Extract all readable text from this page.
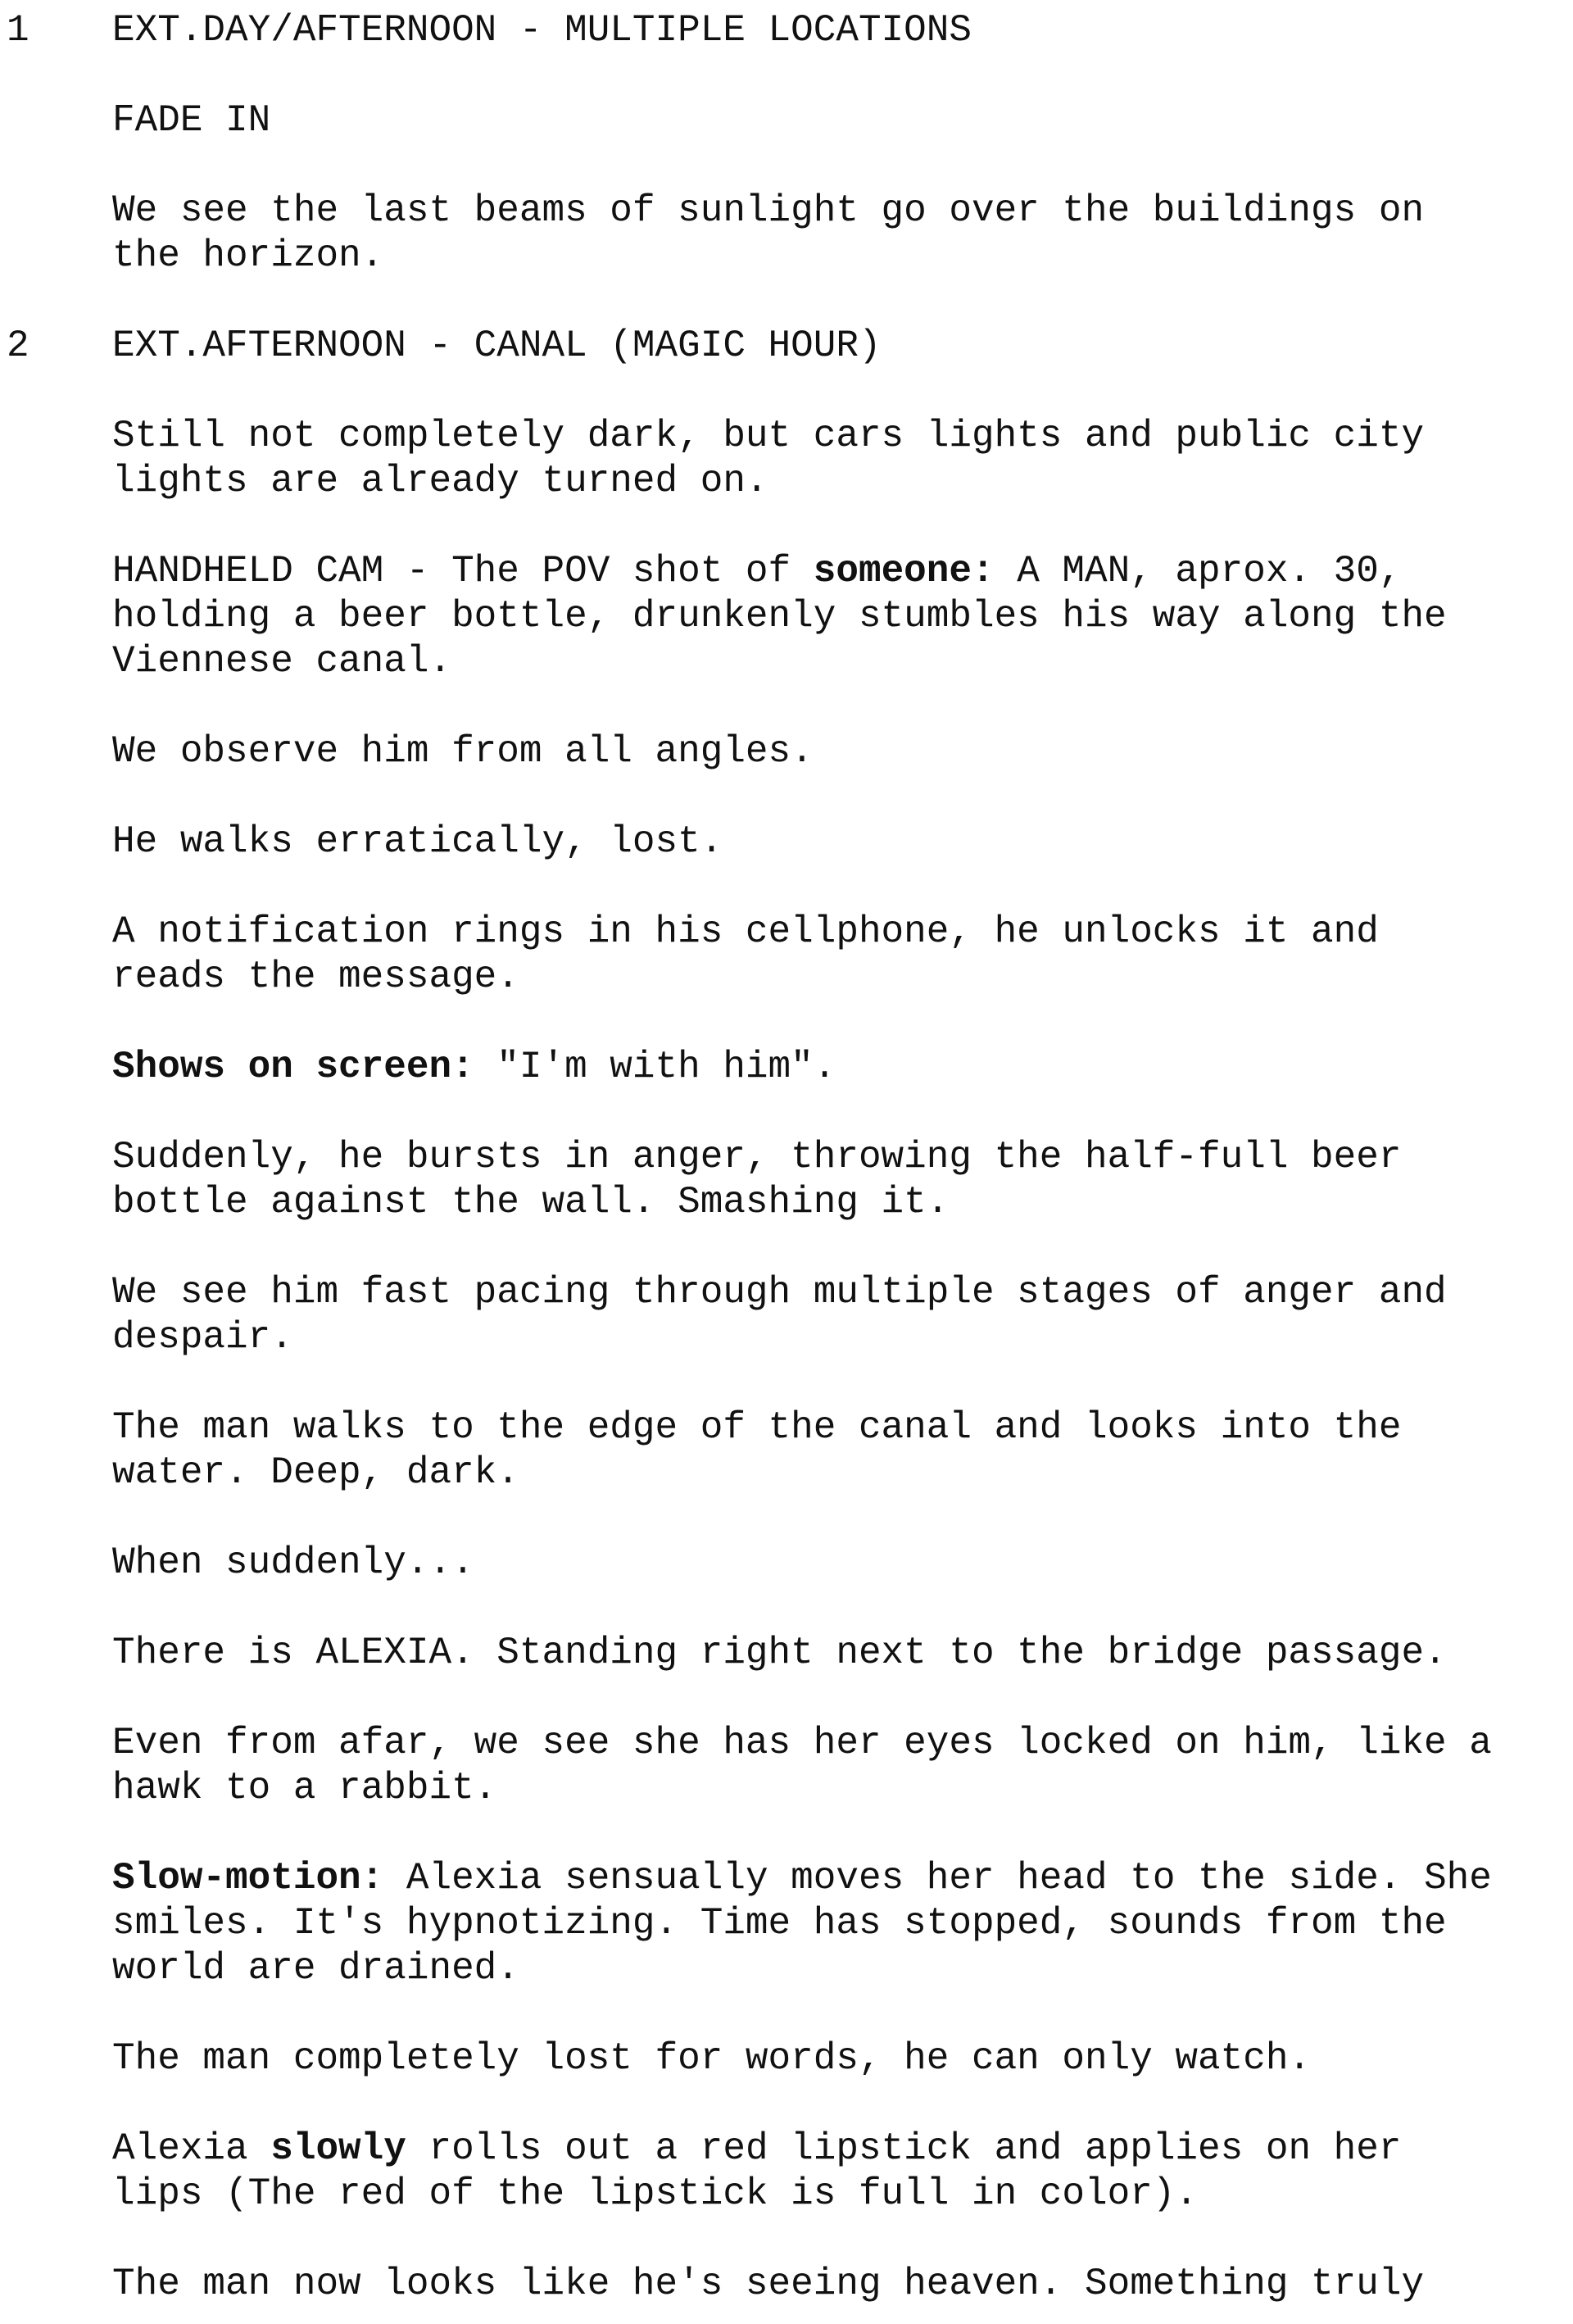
1 EXT.DAY/AFTERNOON - MULTIPLE LOCATIONS
FADE IN
We see the last beams of sunlight go over the buildings on
the horizon.
2 EXT.AFTERNOON - CANAL (MAGIC HOUR)
Still not completely dark, but cars lights and public city
lights are already turned on.
HANDHELD CAM - The POV shot of someone: A MAN, aprox. 30,
holding a beer bottle, drunkenly stumbles his way along the
Viennese canal.
We observe him from all angles.
He walks erratically, lost.
A notification rings in his cellphone, he unlocks it and
reads the message.
Shows on screen: "I'm with him".
Suddenly, he bursts in anger, throwing the half-full beer
bottle against the wall. Smashing it.
We see him fast pacing through multiple stages of anger and
despair.
The man walks to the edge of the canal and looks into the
water. Deep, dark.
When suddenly...
There is ALEXIA. Standing right next to the bridge passage.
Even from afar, we see she has her eyes locked on him, like a
hawk to a rabbit.
Slow-motion: Alexia sensually moves her head to the side. She
smiles. It's hypnotizing. Time has stopped, sounds from the
world are drained.
The man completely lost for words, he can only watch.
Alexia slowly rolls out a red lipstick and applies on her
lips (The red of the lipstick is full in color).
The man now looks like he's seeing heaven. Something truly
